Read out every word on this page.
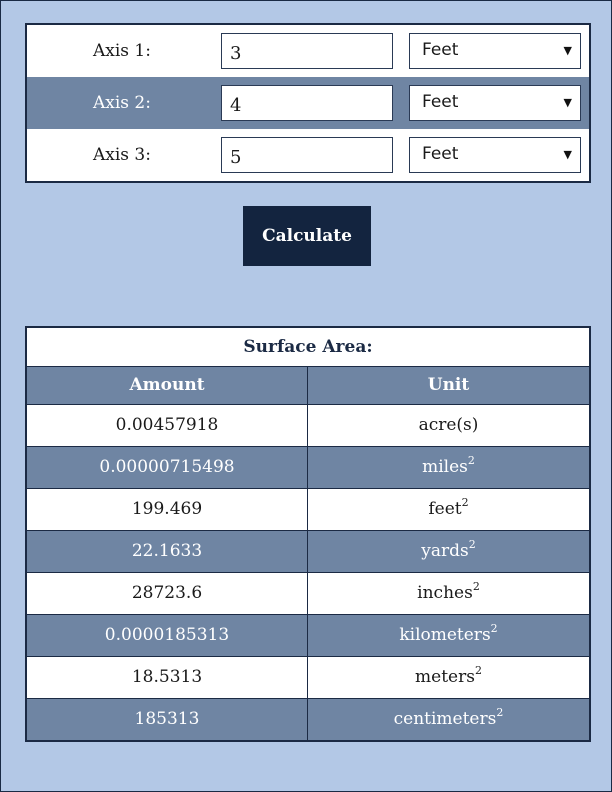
Axis 1:	3	Feet	▼
Axis 2:	4	Feet	▼
Axis 3:	5	Feet	▼
Calculate
Surface Area:
Amount	Unit
0.00457918	acre(s)
0.00000715498	miles$^2$
199.469	feet$^2$
22.1633	yards$^2$
28723.6	inches$^2$
0.0000185313	kilometers$^2$
18.5313	meters$^2$
185313	centimeters$^2$
